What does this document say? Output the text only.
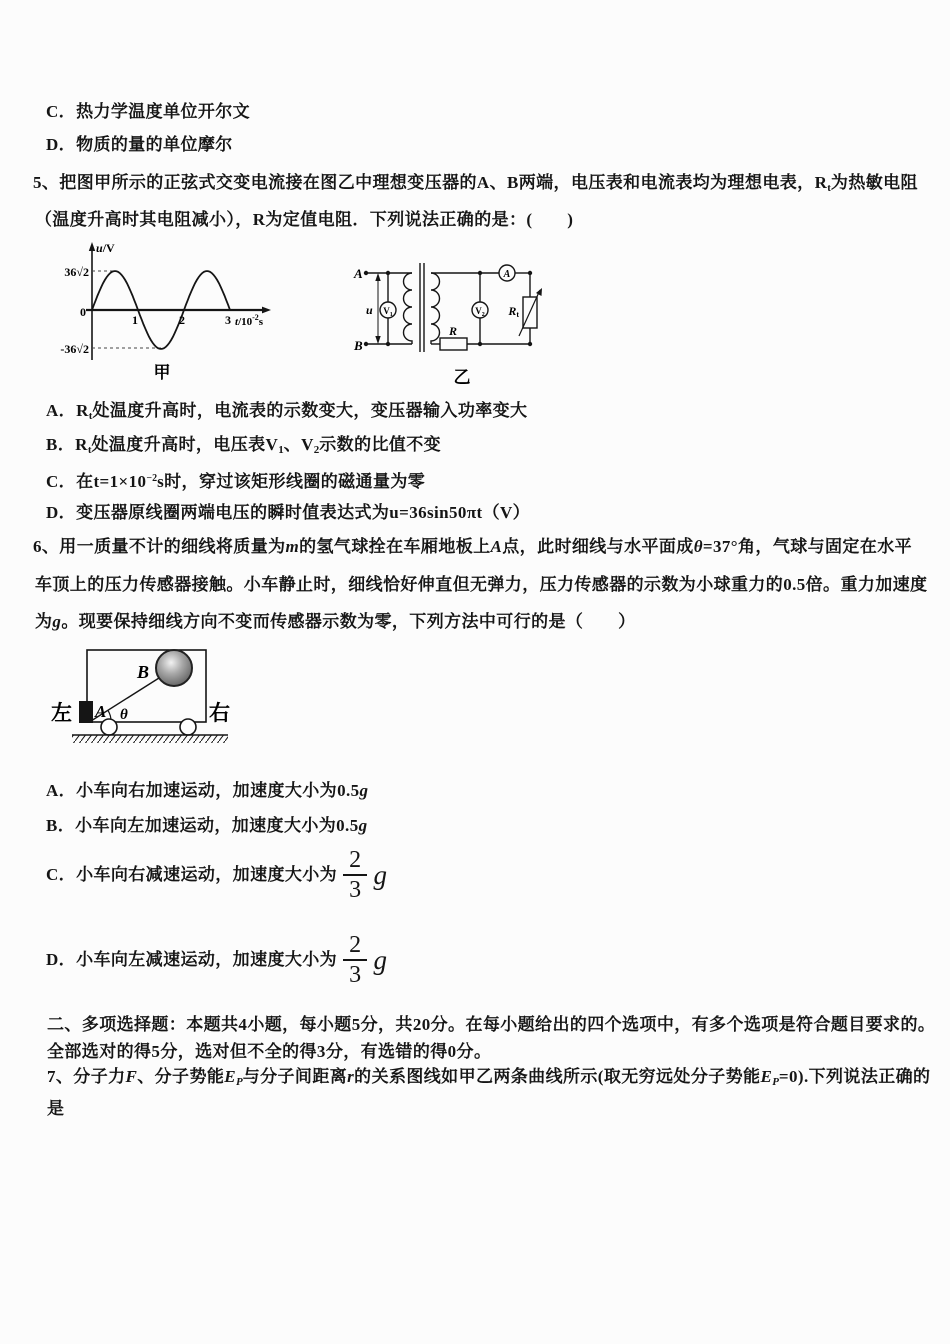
C．热力学温度单位开尔文
D．物质的量的单位摩尔
5、把图甲所示的正弦式交变电流接在图乙中理想变压器的A、B两端，电压表和电流表均为理想电表，Rt为热敏电阻
（温度升高时其电阻减小），R为定值电阻．下列说法正确的是：(　　 )
u/V
36√2
0
-36√2
1	2	3 $t/10^{-2}s$
甲
A
B
u $V_1$	$V_2$
A
R
Rt
乙
A．Rt处温度升高时，电流表的示数变大，变压器输入功率变大
B．Rt处温度升高时，电压表V1、V2示数的比值不变
C．在$t=1\times 10^{-2}s$时，穿过该矩形线圈的磁通量为零
D．变压器原线圈两端电压的瞬时值表达式为u=36sin50πt（V）
6、用一质量不计的细线将质量为m的氢气球拴在车厢地板上A点，此时细线与水平面成θ=37°角，气球与固定在水平
车顶上的压力传感器接触。小车静止时，细线恰好伸直但无弹力，压力传感器的示数为小球重力的0.5倍。重力加速度
为g。现要保持细线方向不变而传感器示数为零，下列方法中可行的是（　　）
左	右
A
B
θ
A．小车向右加速运动，加速度大小为0.5g
B．小车向左加速运动，加速度大小为0.5g
C．小车向右减速运动，加速度大小为 $\frac{2}{3}$ g
D．小车向左减速运动，加速度大小为 $\frac{2}{3}$ g
二、多项选择题：本题共4小题，每小题5分，共20分。在每小题给出的四个选项中，有多个选项是符合题目要求的。
全部选对的得5分，选对但不全的得3分，有选错的得0分。
7、分子力F、分子势能EP与分子间距离r的关系图线如甲乙两条曲线所示(取无穷远处分子势能EP=0).下列说法正确的
是
